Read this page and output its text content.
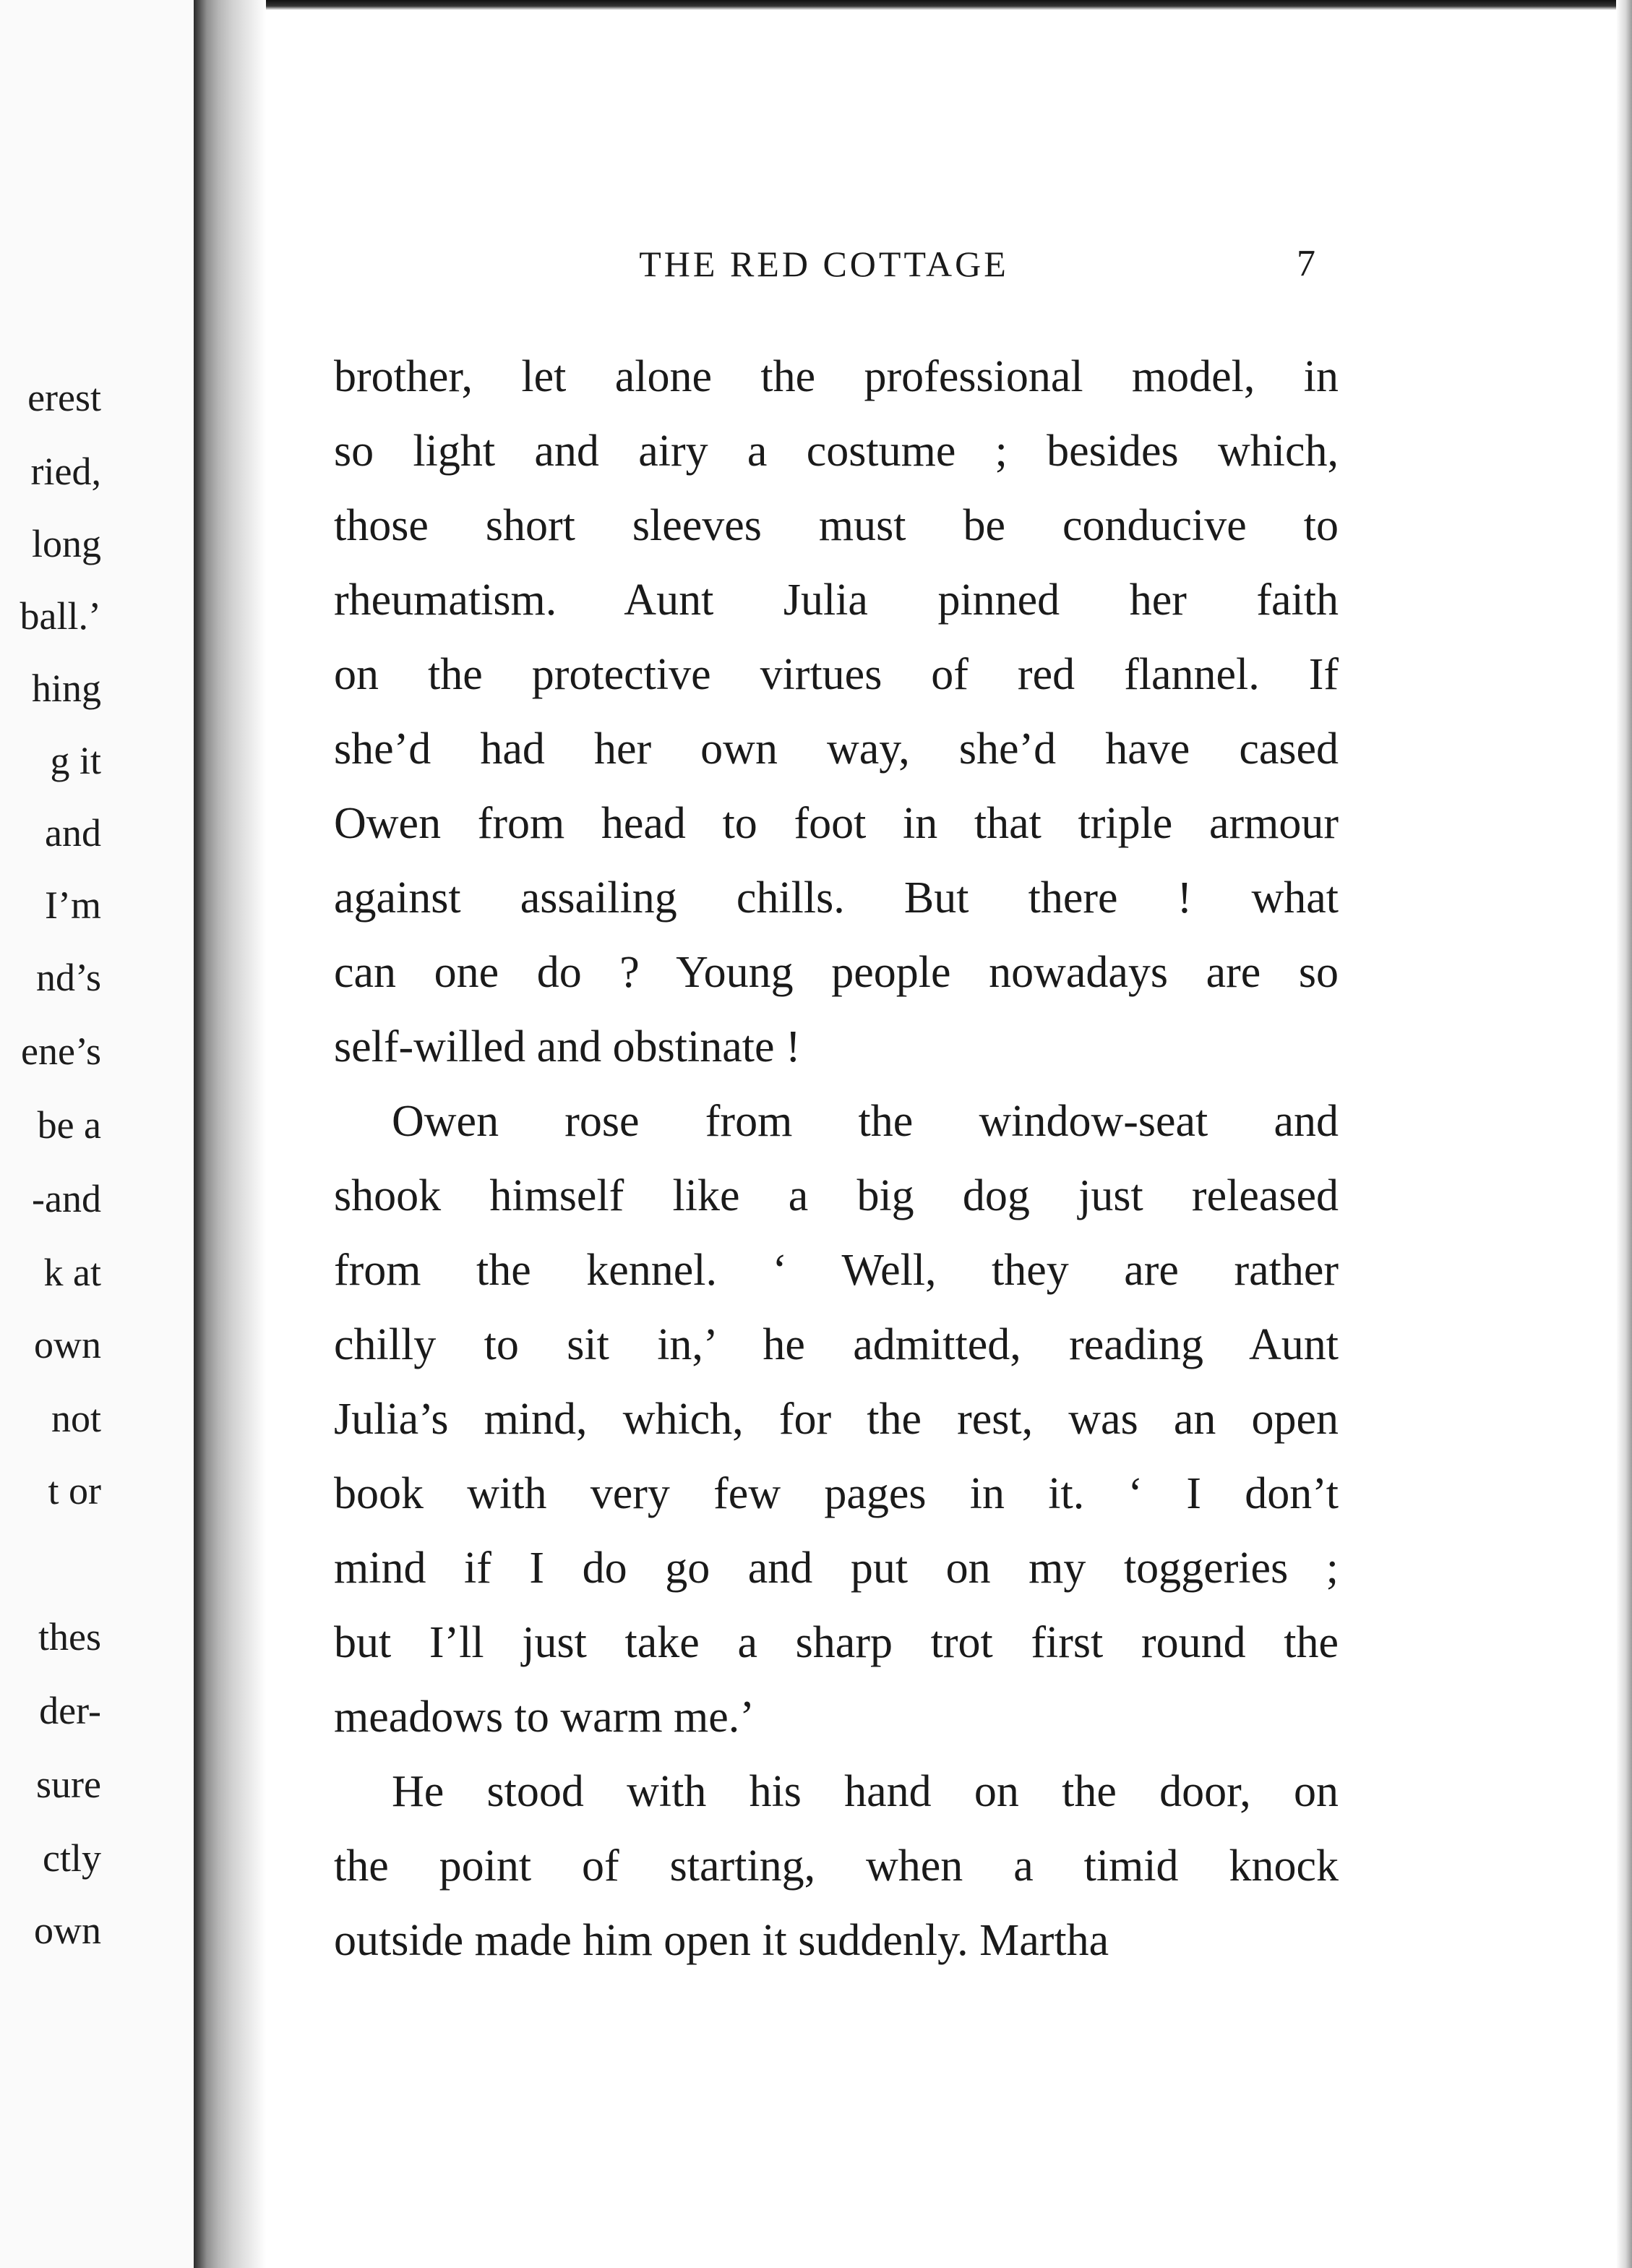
erest
ried,
long
ball.’
hing
g it
and
I’m
nd’s
ene’s
be a
-and
k at
own
not
t or
thes
der-
sure
ctly
own
THE RED COTTAGE	7
brother, let alone the professional model, in
so light and airy a costume ; besides which,
those short sleeves must be conducive to
rheumatism. Aunt Julia pinned her faith
on the protective virtues of red flannel. If
she’d had her own way, she’d have cased
Owen from head to foot in that triple armour
against assailing chills. But there ! what
can one do ? Young people nowadays are so
self-willed and obstinate !
Owen rose from the window-seat and
shook himself like a big dog just released
from the kennel. ‘ Well, they are rather
chilly to sit in,’ he admitted, reading Aunt
Julia’s mind, which, for the rest, was an open
book with very few pages in it. ‘ I don’t
mind if I do go and put on my toggeries ;
but I’ll just take a sharp trot first round the
meadows to warm me.’
He stood with his hand on the door, on
the point of starting, when a timid knock
outside made him open it suddenly. Martha
